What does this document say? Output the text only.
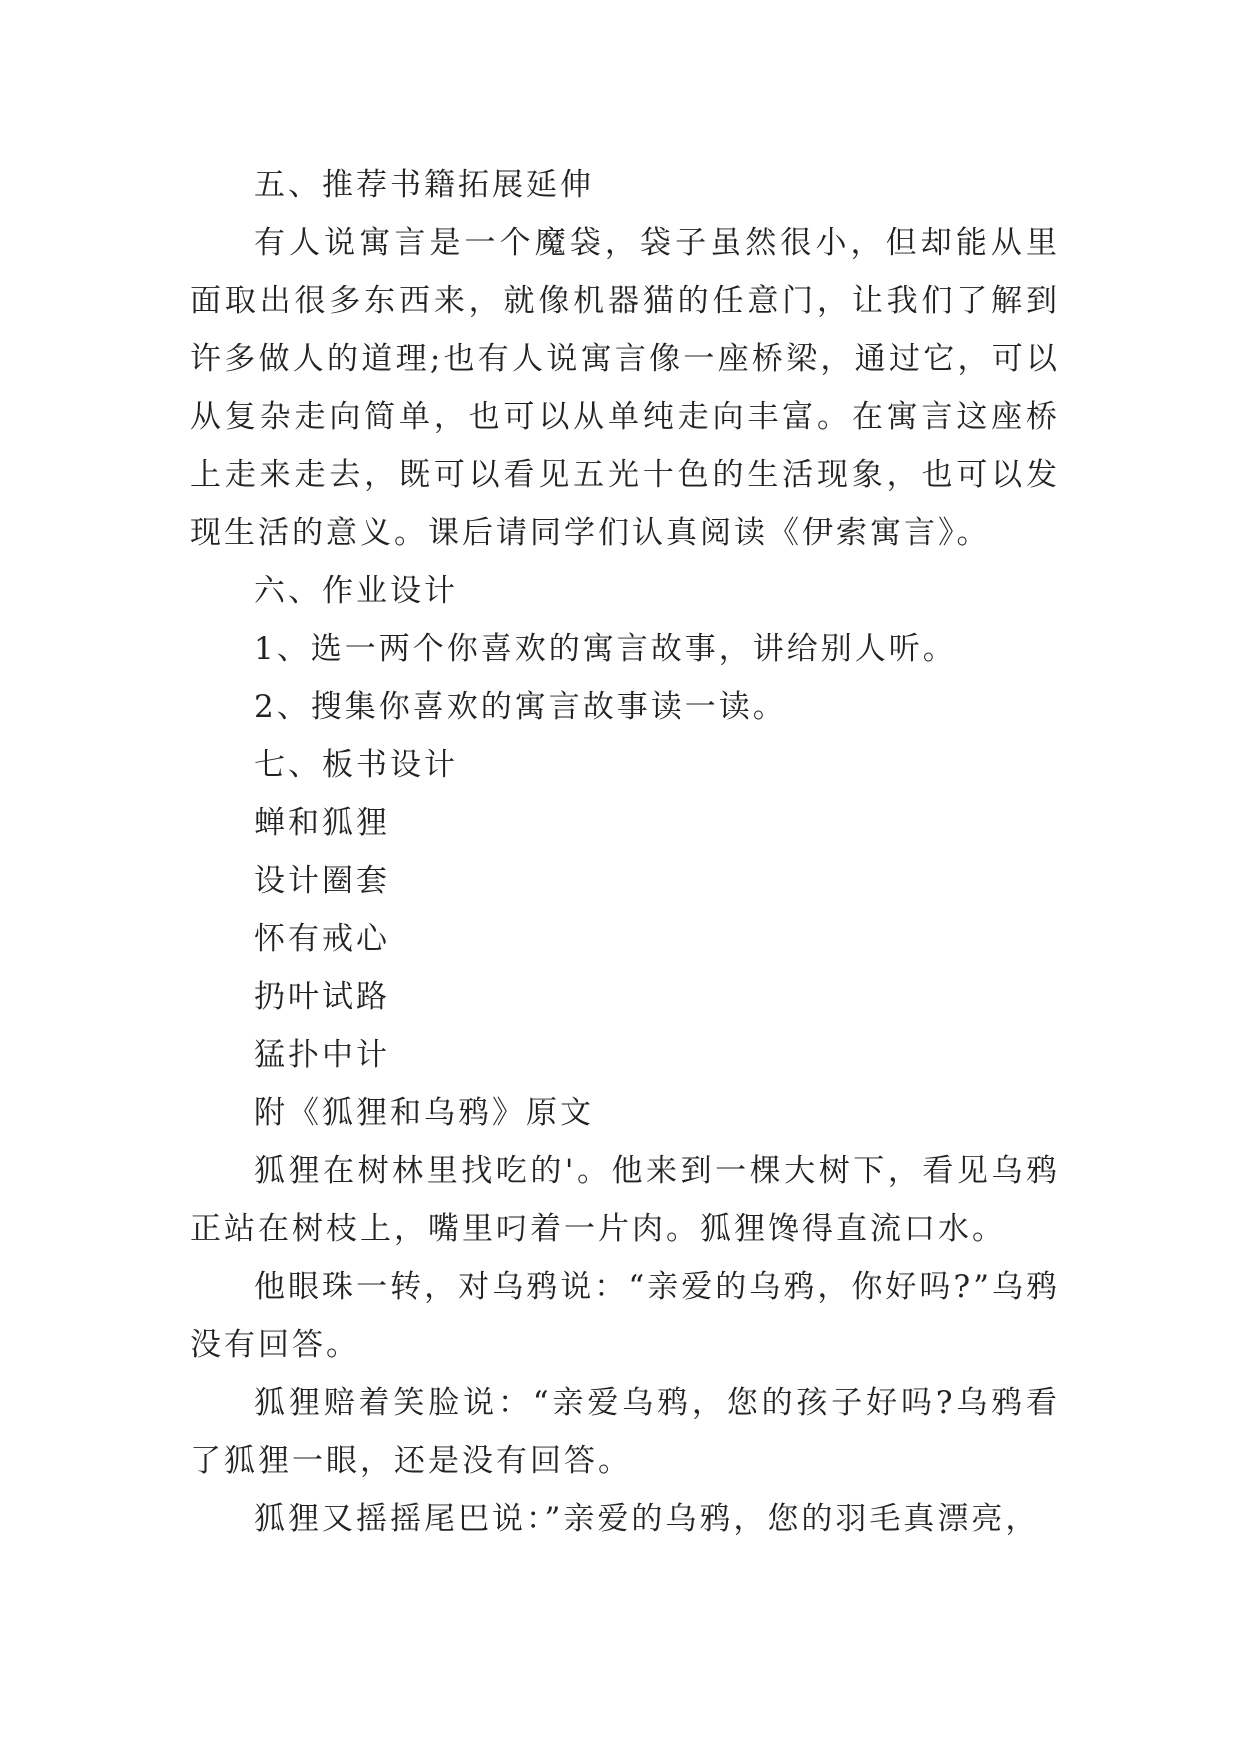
五、推荐书籍拓展延伸

有人说寓言是一个魔袋，袋子虽然很小，但却能从里面取出很多东西来，就像机器猫的任意门，让我们了解到许多做人的道理;也有人说寓言像一座桥梁，通过它，可以从复杂走向简单，也可以从单纯走向丰富。在寓言这座桥上走来走去，既可以看见五光十色的生活现象，也可以发现生活的意义。课后请同学们认真阅读《伊索寓言》。

六、作业设计

1、选一两个你喜欢的寓言故事，讲给别人听。

2、搜集你喜欢的寓言故事读一读。

七、板书设计

蝉和狐狸

设计圈套

怀有戒心

扔叶试路

猛扑中计

附《狐狸和乌鸦》原文

狐狸在树林里找吃的'。他来到一棵大树下，看见乌鸦正站在树枝上，嘴里叼着一片肉。狐狸馋得直流口水。

他眼珠一转，对乌鸦说：“亲爱的乌鸦，你好吗?”乌鸦没有回答。

狐狸赔着笑脸说：“亲爱乌鸦，您的孩子好吗?乌鸦看了狐狸一眼，还是没有回答。

狐狸又摇摇尾巴说：”亲爱的乌鸦，您的羽毛真漂亮，
